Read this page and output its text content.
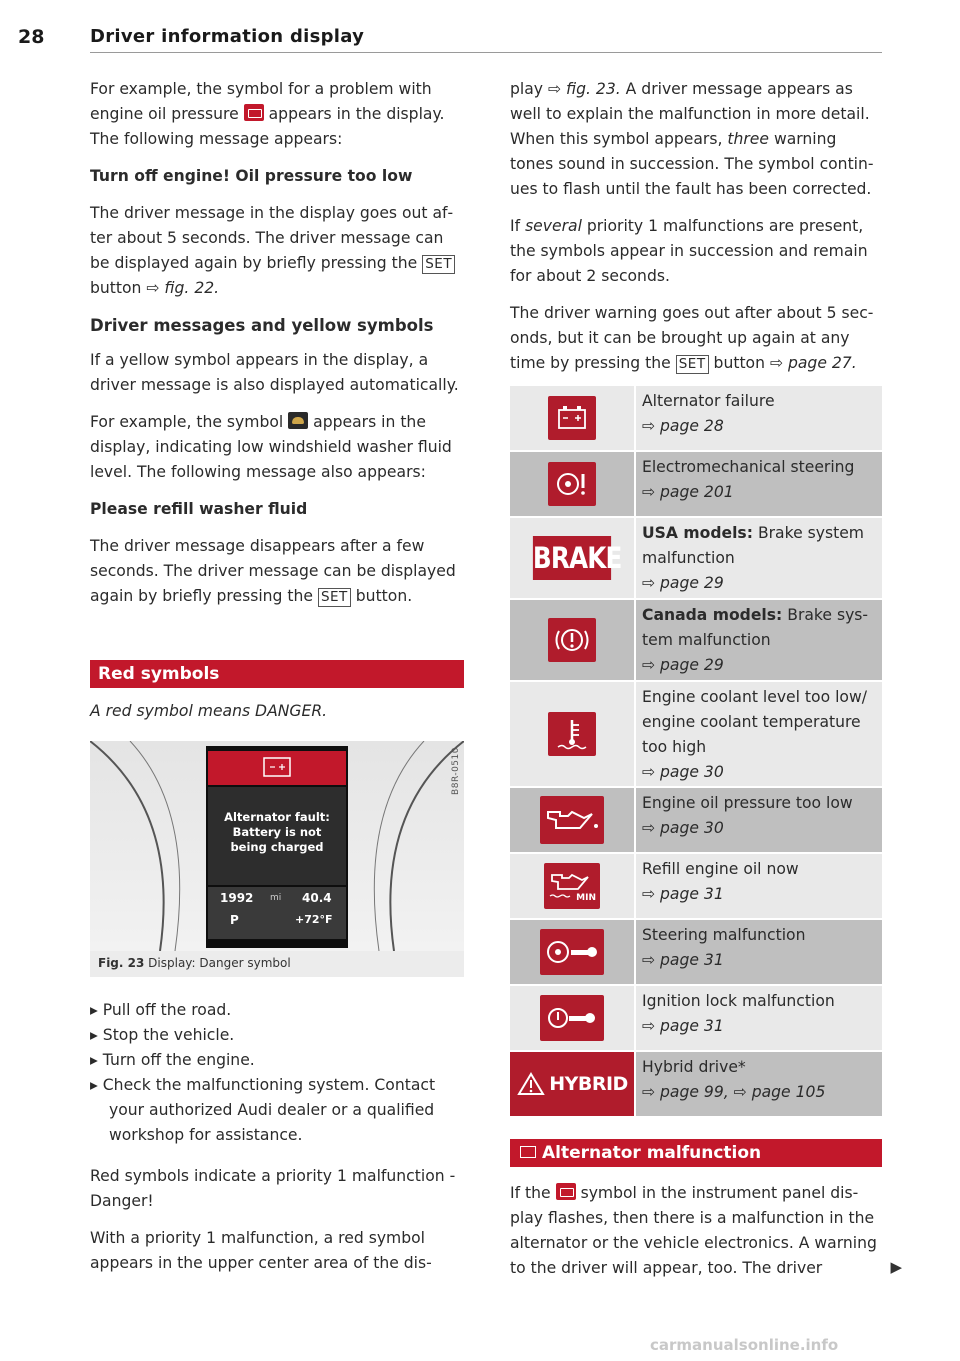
28	Driver information display

For example, the symbol for a problem with engine oil pressure appears in the display. The following message appears:

Turn off engine! Oil pressure too low

The driver message in the display goes out after about 5 seconds. The driver message can be displayed again by briefly pressing the SET button ⇨ fig. 22.

Driver messages and yellow symbols

If a yellow symbol appears in the display, a driver message is also displayed automatically.

For example, the symbol appears in the display, indicating low windshield washer fluid level. The following message also appears:

Please refill washer fluid

The driver message disappears after a few seconds. The driver message can be displayed again by briefly pressing the SET button.

Red symbols
A red symbol means DANGER.
Alternator fault:
Battery is not
being charged
1992 mi 40.4
P	+72°F
B8R-0510
Fig. 23 Display: Danger symbol
▸ Pull off the road.
▸ Stop the vehicle.
▸ Turn off the engine.
▸ Check the malfunctioning system. Contact your authorized Audi dealer or a qualified workshop for assistance.

Red symbols indicate a priority 1 malfunction - Danger!

With a priority 1 malfunction, a red symbol appears in the upper center area of the dis-

play ⇨ fig. 23. A driver message appears as well to explain the malfunction in more detail. When this symbol appears, three warning tones sound in succession. The symbol continues to flash until the fault has been corrected.

If several priority 1 malfunctions are present, the symbols appear in succession and remain for about 2 seconds.

The driver warning goes out after about 5 seconds, but it can be brought up again at any time by pressing the SET button ⇨ page 27.

Alternator failure
⇨ page 28
Electromechanical steering
⇨ page 201
BRAKE
USA models: Brake system malfunction
⇨ page 29
Canada models: Brake system malfunction
⇨ page 29
Engine coolant level too low/ engine coolant temperature too high
⇨ page 30
Engine oil pressure too low
⇨ page 30
MIN
Refill engine oil now
⇨ page 31
Steering malfunction
⇨ page 31
Ignition lock malfunction
⇨ page 31
HYBRID
Hybrid drive*
⇨ page 99, ⇨ page 105
Alternator malfunction
If the symbol in the instrument panel display flashes, then there is a malfunction in the alternator or the vehicle electronics. A warning to the driver will appear, too. The driver	▶
carmanualsonline.info
